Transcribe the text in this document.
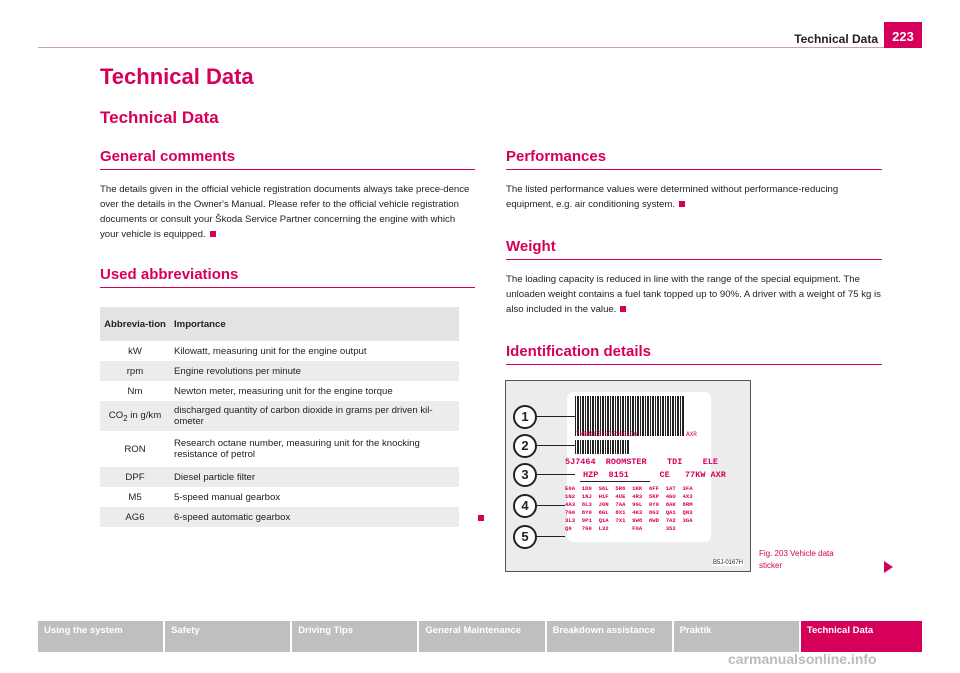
Technical Data	223
Technical Data
Technical Data
General comments

The details given in the official vehicle registration documents always take prece-dence over the details in the Owner's Manual. Please refer to the official vehicle registration documents or consult your Škoda Service Partner concerning the engine with which your vehicle is equipped.

Used abbreviations
Abbrevia-tion	Importance
kW	Kilowatt, measuring unit for the engine output
rpm	Engine revolutions per minute
Nm	Newton meter, measuring unit for the engine torque
$CO_2$ in g/km	discharged quantity of carbon dioxide in grams per driven kil-ometer
RON	Research octane number, measuring unit for the knocking resistance of petrol
DPF	Diesel particle filter
M5	5-speed manual gearbox
AG6	6-speed automatic gearbox
Performances

The listed performance values were determined without performance-reducing equipment, e.g. air conditioning system.

Weight

The loading capacity is reduced in line with the range of the special equipment. The unloaden weight contains a fuel tank topped up to 90%. A driver with a weight of 75 kg is also included in the value.

Identification details
TMBMGE5J375300136	AXR
5J7464  ROOMSTER    TDI    ELE
HZP  8151      CE   77KW AXR
E0A  1D0  S6L  5R6  1KK  6FF  1AT  3FA
1N2  1NJ  H1F  4UE  4R3  5KP  4GU  4X3
4A3  8L3  J0N  7AA  9GL  0Y0  8AK  8RM
7G0  8Y0  6GL  8X1  4K3  8G3  QA1  QN3
3L3  9P1  Q1A  7X1  9W8  8WD  7A2  3GA
Q0   7G0  L32       F0A       352
1
2
3
4
5
B5J-0167H
Fig. 203 Vehicle data
sticker
Using the system	Safety	Driving Tips	General Maintenance	Breakdown assistance	Praktik	Technical Data
carmanualsonline.info
